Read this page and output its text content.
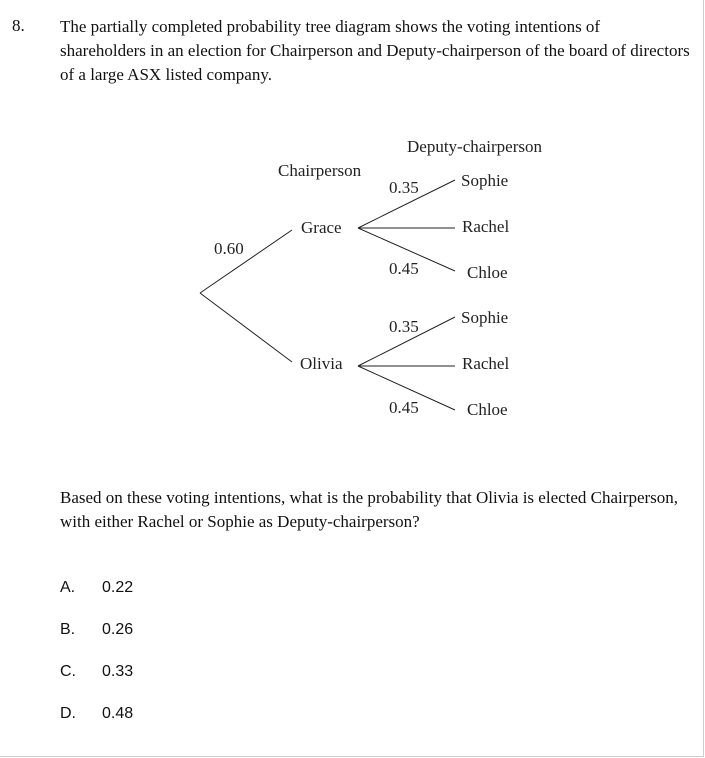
8. The partially completed probability tree diagram shows the voting intentions of shareholders in an election for Chairperson and Deputy-chairperson of the board of directors of a large ASX listed company.
Deputy-chairperson
Chairperson
0.60
Grace
Olivia
0.35
0.45
Sophie
Rachel
Chloe
0.35
0.45
Sophie
Rachel
Chloe
Based on these voting intentions, what is the probability that Olivia is elected Chairperson, with either Rachel or Sophie as Deputy-chairperson?
A. 0.22
B. 0.26
C. 0.33
D. 0.48
